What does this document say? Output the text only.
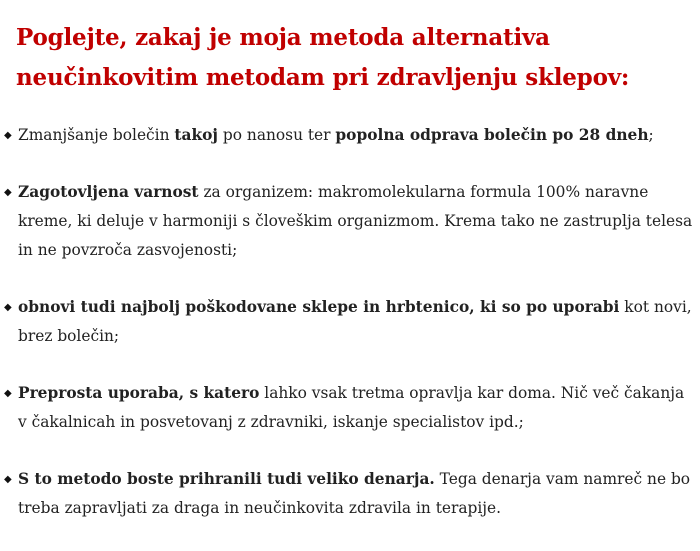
Poglejte, zakaj je moja metoda alternativa neučinkovitim metodam pri zdravljenju sklepov:
◆ Zmanjšanje bolečin takoj po nanosu ter popolna odprava bolečin po 28 dneh;
◆ Zagotovljena varnost za organizem: makromolekularna formula 100% naravne kreme, ki deluje v harmoniji s človeškim organizmom. Krema tako ne zastruplja telesa in ne povzroča zasvojenosti;
◆ obnovi tudi najbolj poškodovane sklepe in hrbtenico, ki so po uporabi kot novi, brez bolečin;
◆ Preprosta uporaba, s katero lahko vsak tretma opravlja kar doma. Nič več čakanja v čakalnicah in posvetovanj z zdravniki, iskanje specialistov ipd.;
◆ S to metodo boste prihranili tudi veliko denarja. Tega denarja vam namreč ne bo treba zapravljati za draga in neučinkovita zdravila in terapije.
